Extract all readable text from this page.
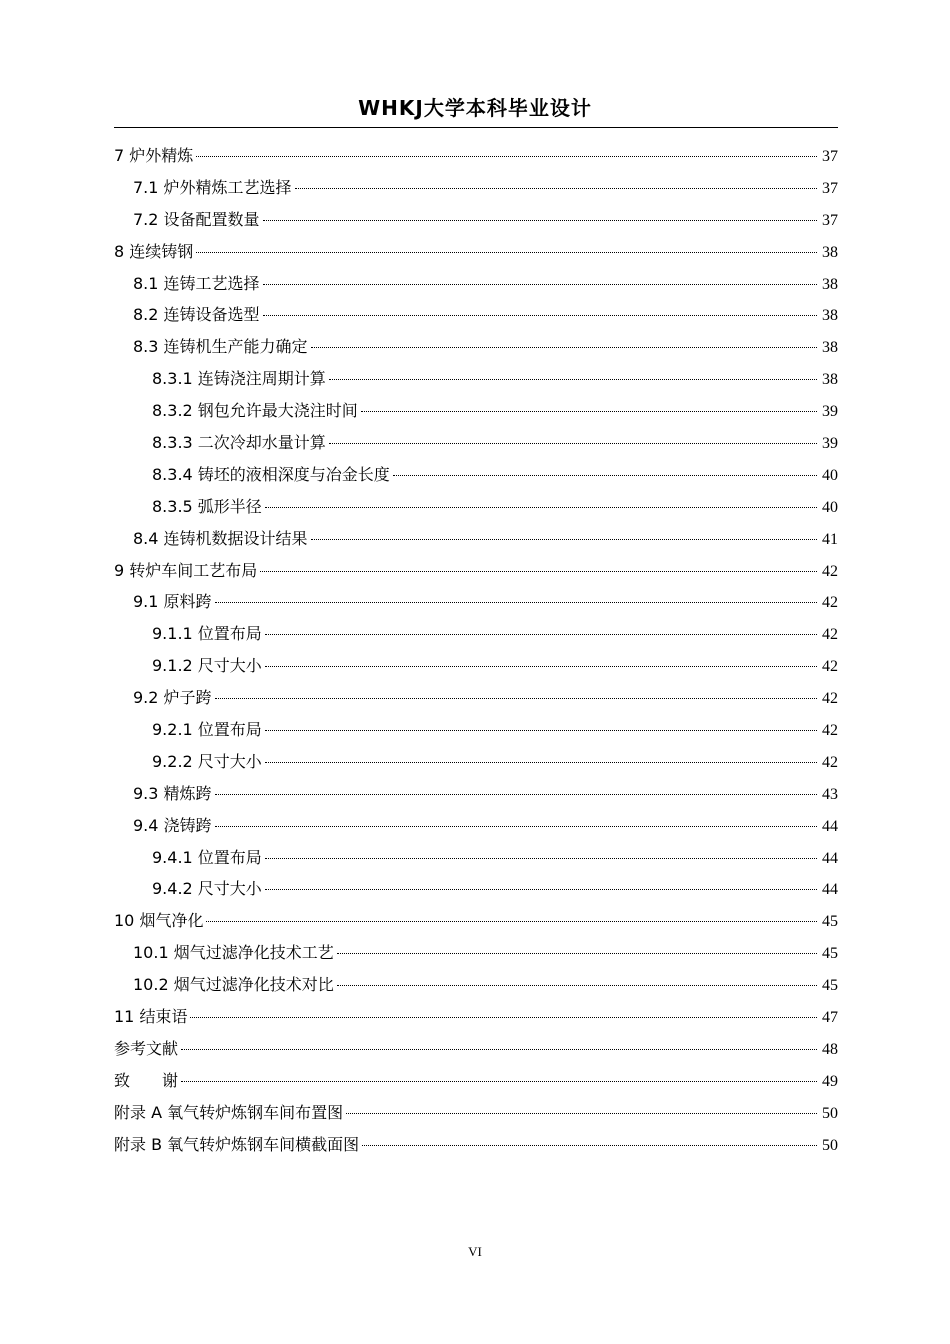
WHKJ大学本科毕业设计
7 炉外精炼	37
7.1 炉外精炼工艺选择	37
7.2 设备配置数量	37
8 连续铸钢	38
8.1 连铸工艺选择	38
8.2 连铸设备选型	38
8.3 连铸机生产能力确定	38
8.3.1 连铸浇注周期计算	38
8.3.2 钢包允许最大浇注时间	39
8.3.3 二次冷却水量计算	39
8.3.4 铸坯的液相深度与冶金长度	40
8.3.5 弧形半径	40
8.4 连铸机数据设计结果	41
9 转炉车间工艺布局	42
9.1 原料跨	42
9.1.1 位置布局	42
9.1.2 尺寸大小	42
9.2 炉子跨	42
9.2.1 位置布局	42
9.2.2 尺寸大小	42
9.3 精炼跨	43
9.4 浇铸跨	44
9.4.1 位置布局	44
9.4.2 尺寸大小	44
10 烟气净化	45
10.1 烟气过滤净化技术工艺	45
10.2 烟气过滤净化技术对比	45
11 结束语	47
参考文献	48
致　　谢	49
附录 A 氧气转炉炼钢车间布置图	50
附录 B 氧气转炉炼钢车间横截面图	50
VI
